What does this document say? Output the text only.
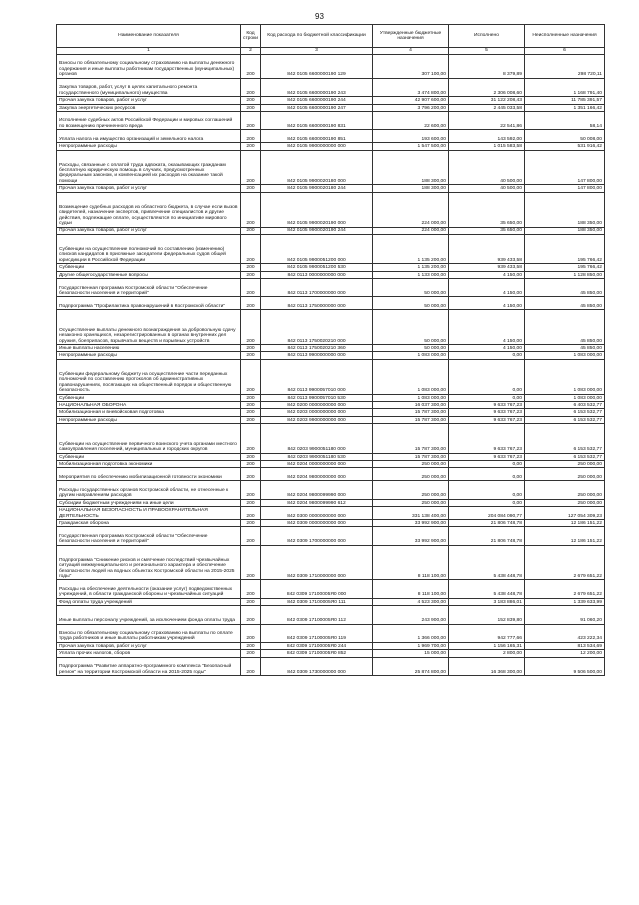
93
Наименование показателя	Код строки	Код расхода по бюджетной классификации	Утвержденные бюджетные назначения	Исполнено	Неисполненные назначения
1	2	3	4	5	6
Взносы по обязательному социальному страхованию на выплаты денежного содержания и иные выплаты работникам государственных (муниципальных) органов	200	842 0105 6600000190 129	307 100,00	8 379,89	298 720,11
Закупка товаров, работ, услуг в целях капитального ремонта государственного (муниципального) имущества	200	842 0105 6600000190 243	3 474 800,00	2 306 008,60	1 168 791,40
Прочая закупка товаров, работ и услуг	200	842 0105 6600000190 244	42 907 600,00	31 122 208,43	11 785 391,57
Закупка энергетических ресурсов	200	842 0105 6600000190 247	3 796 200,00	2 445 033,58	1 351 166,42
Исполнение судебных актов Российской Федерации и мировых соглашений по возмещению причиненного вреда	200	842 0105 6600000190 831	22 600,00	22 541,86	58,14
Уплата налога на имущество организаций и земельного налога	200	842 0105 6600000190 851	193 600,00	143 592,00	50 008,00
Непрограммные расходы	200	842 0105 9900000000 000	1 547 500,00	1 015 583,58	531 916,42
Расходы, связанные с оплатой труда адвоката, оказывающих гражданам бесплатную юридическую помощь в случаях, предусмотренных федеральным законом, и компенсацией их расходов на оказание такой помощи	200	842 0105 9900020180 000	188 300,00	40 500,00	147 800,00
Прочая закупка товаров, работ и услуг	200	842 0105 9900020180 244	188 300,00	40 500,00	147 800,00
Возмещение судебных расходов из областного бюджета, в случае если вызов свидетелей, назначение экспертов, привлечение специалистов и другие действия, подлежащие оплате, осуществляются по инициативе мирового судьи	200	842 0105 9900020190 000	224 000,00	35 650,00	188 350,00
Прочая закупка товаров, работ и услуг	200	842 0105 9900020190 244	224 000,00	35 650,00	188 350,00
Субвенции на осуществление полномочий по составлению (изменению) списков кандидатов в присяжные заседатели федеральных судов общей юрисдикции в Российской Федерации	200	842 0105 9900051200 000	1 135 200,00	939 433,58	195 766,42
Субвенции	200	842 0105 9900051200 530	1 135 200,00	939 433,58	195 766,42
Другие общегосударственные вопросы	200	842 0113 0000000000 000	1 133 000,00	4 150,00	1 128 850,00
Государственная программа Костромской области "Обеспечение безопасности населения и территорий"	200	842 0113 1700000000 000	50 000,00	4 150,00	45 850,00
Подпрограмма "Профилактика правонарушений в Костромской области"	200	842 0113 1750000000 000	50 000,00	4 150,00	45 850,00
Осуществление выплаты денежного вознаграждения за добровольную сдачу незаконно хранящихся, незарегистрированных в органах внутренних дел оружия, боеприпасов, взрывчатых веществ и взрывных устройств	200	842 0113 1750020210 000	50 000,00	4 150,00	45 850,00
Иные выплаты населению	200	842 0113 1750020210 360	50 000,00	4 150,00	45 850,00
Непрограммные расходы	200	842 0113 9900000000 000	1 083 000,00	0,00	1 083 000,00
Субвенции федеральному бюджету на осуществление части переданных полномочий по составлению протоколов об административных правонарушениях, посягающих на общественный порядок и общественную безопасность	200	842 0113 9900057010 000	1 083 000,00	0,00	1 083 000,00
Субвенции	200	842 0113 9900057010 530	1 083 000,00	0,00	1 083 000,00
НАЦИОНАЛЬНАЯ ОБОРОНА	200	842 0200 0000000000 000	16 037 300,00	9 633 767,23	6 403 532,77
Мобилизационная и вневойсковая подготовка	200	842 0203 0000000000 000	15 787 300,00	9 633 767,23	6 153 532,77
Непрограммные расходы	200	842 0203 9900000000 000	15 787 300,00	9 633 767,23	6 153 532,77
Субвенции на осуществление первичного воинского учета органами местного самоуправления поселений, муниципальных и городских округов	200	842 0203 9900051180 000	15 787 300,00	9 633 767,23	6 153 532,77
Субвенции	200	842 0203 9900051180 530	15 787 300,00	9 633 767,23	6 153 532,77
Мобилизационная подготовка экономики	200	842 0204 0000000000 000	250 000,00	0,00	250 000,00
Мероприятия по обеспечению мобилизационной готовности экономики	200	842 0204 9800000000 000	250 000,00	0,00	250 000,00
Расходы государственных органов Костромской области, не отнесенные к другим направлениям расходов	200	842 0204 9800099990 000	250 000,00	0,00	250 000,00
Субсидии бюджетным учреждениям на иные цели	200	842 0204 9800099990 612	250 000,00	0,00	250 000,00
НАЦИОНАЛЬНАЯ БЕЗОПАСНОСТЬ И ПРАВООХРАНИТЕЛЬНАЯ ДЕЯТЕЛЬНОСТЬ	200	842 0300 0000000000 000	331 138 400,00	204 084 090,77	127 054 309,23
Гражданская оборона	200	842 0309 0000000000 000	33 992 900,00	21 806 748,78	12 186 151,22
Государственная программа Костромской области "Обеспечение безопасности населения и территорий"	200	842 0309 1700000000 000	33 992 900,00	21 806 748,78	12 186 151,22
Подпрограмма "Снижение рисков и смягчение последствий чрезвычайных ситуаций межмуниципального и регионального характера и обеспечение безопасности людей на водных объектах Костромской области на 2015-2025 годы"	200	842 0309 1710000000 000	8 118 100,00	5 438 448,78	2 679 651,22
Расходы на обеспечение деятельности (оказание услуг) подведомственных учреждений, в области гражданской обороны и чрезвычайных ситуаций	200	842 0309 17100005Я0 000	8 118 100,00	5 438 448,78	2 679 651,22
Фонд оплаты труда учреждений	200	842 0309 17100005Я0 111	4 523 300,00	3 183 886,01	1 339 633,99
Иные выплаты персоналу учреждений, за исключением фонда оплаты труда	200	842 0309 17100005Я0 112	243 900,00	152 839,80	91 060,20
Взносы по обязательному социальному страхованию на выплаты по оплате труда работников и иные выплаты работникам учреждений	200	842 0309 17100005Я0 119	1 366 000,00	942 777,66	423 222,34
Прочая закупка товаров, работ и услуг	200	842 0309 17100005Я0 244	1 969 700,00	1 156 165,31	813 534,69
Уплата прочих налогов, сборов	200	842 0309 17100005Я0 852	15 000,00	2 800,00	12 200,00
Подпрограмма "Развитие аппаратно-программного комплекса "Безопасный регион" на территории Костромской области на 2015-2025 годы"	200	842 0309 1730000000 000	25 874 800,00	16 368 300,00	9 506 500,00
